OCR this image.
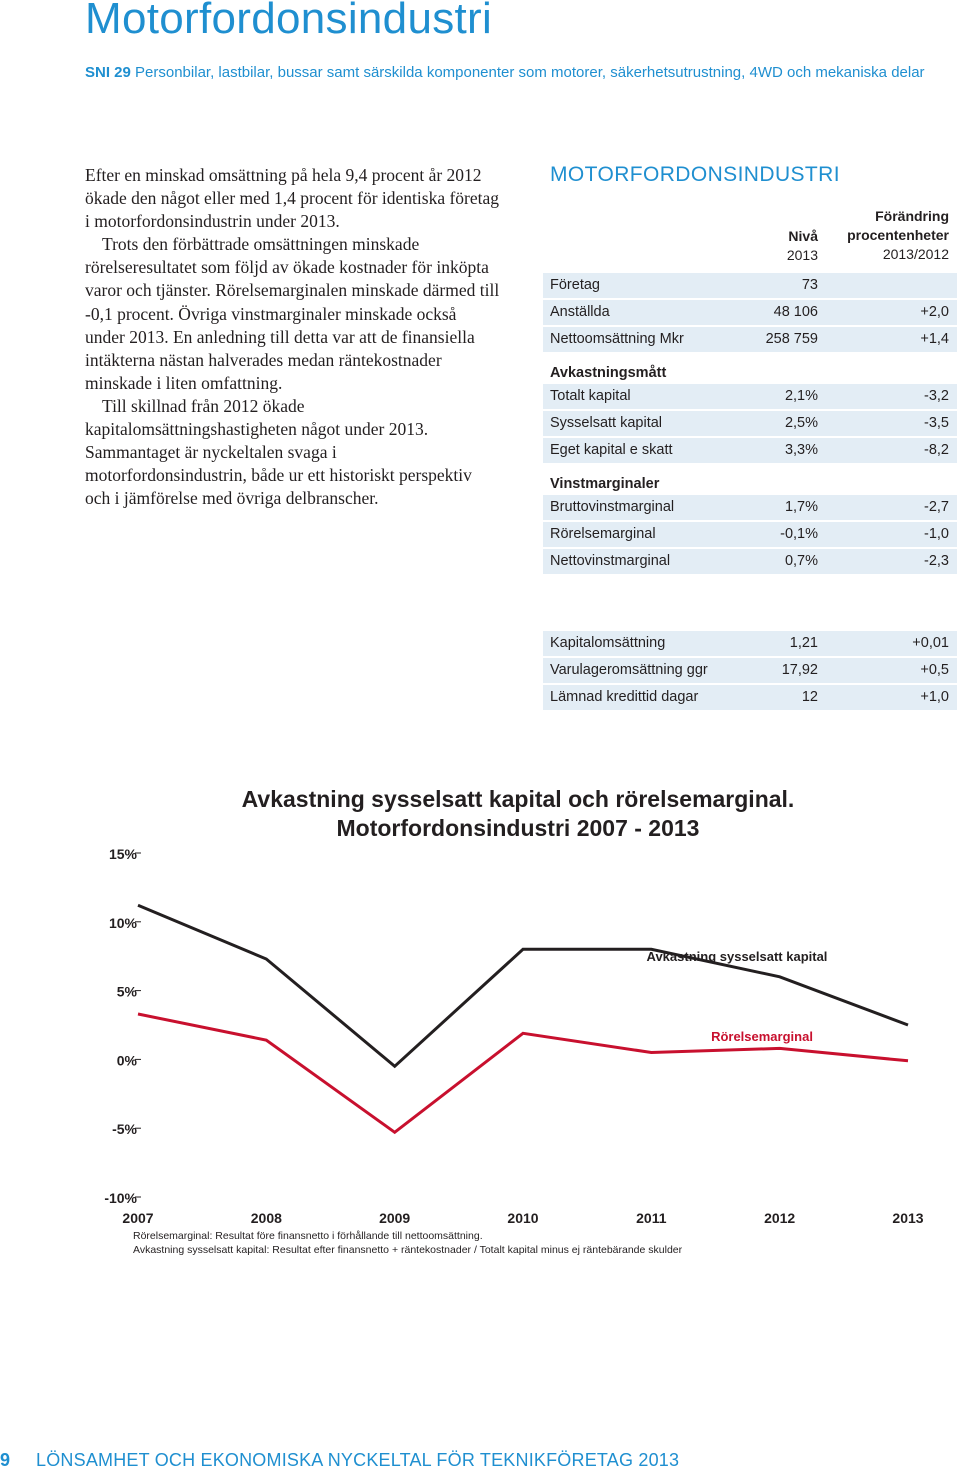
Motorfordonsindustri
SNI 29 Personbilar, lastbilar, bussar samt särskilda komponenter som motorer, säkerhetsutrustning, 4WD och mekaniska delar

Efter en minskad omsättning på hela 9,4 procent år 2012 ökade den något eller med 1,4 procent för identiska företag i motorfordonsindustrin under 2013.

Trots den förbättrade omsättningen minskade rörelseresultatet som följd av ökade kostnader för inköpta varor och tjänster. Rörelsemarginalen minskade därmed till -0,1 procent. Övriga vinstmarginaler minskade också under 2013. En anledning till detta var att de finansiella intäkterna nästan halverades medan räntekostnader minskade i liten omfattning.

Till skillnad från 2012 ökade kapitalomsättningshastigheten något under 2013. Sammantaget är nyckeltalen svaga i motorfordonsindustrin, både ur ett historiskt perspektiv och i jämförelse med övriga delbranscher.

MOTORFORDONSINDUSTRI
Nivå
2013
Förändring
procentenheter
2013/2012
Företag	73
Anställda	48 106	+2,0
Nettoomsättning Mkr	258 759	+1,4
Avkastningsmått
Totalt kapital	2,1%	-3,2
Sysselsatt kapital	2,5%	-3,5
Eget kapital e skatt	3,3%	-8,2
Vinstmarginaler
Bruttovinstmarginal	1,7%	-2,7
Rörelsemarginal	-0,1%	-1,0
Nettovinstmarginal	0,7%	-2,3
Kapitalomsättning	1,21	+0,01
Varulageromsättning ggr	17,92	+0,5
Lämnad kredittid dagar	12	+1,0
Avkastning sysselsatt kapital och rörelsemarginal.
Motorfordonsindustri 2007 - 2013
15%
10%
5%
0%
-5%
-10%
2007	2008	2009	2010	2011	2012	2013
Avkastning sysselsatt kapital
Rörelsemarginal
Rörelsemarginal: Resultat före finansnetto i förhållande till nettoomsättning.
Avkastning sysselsatt kapital: Resultat efter finansnetto + räntekostnader / Totalt kapital minus ej räntebärande skulder
9 LÖNSAMHET OCH EKONOMISKA NYCKELTAL FÖR TEKNIKFÖRETAG 2013
